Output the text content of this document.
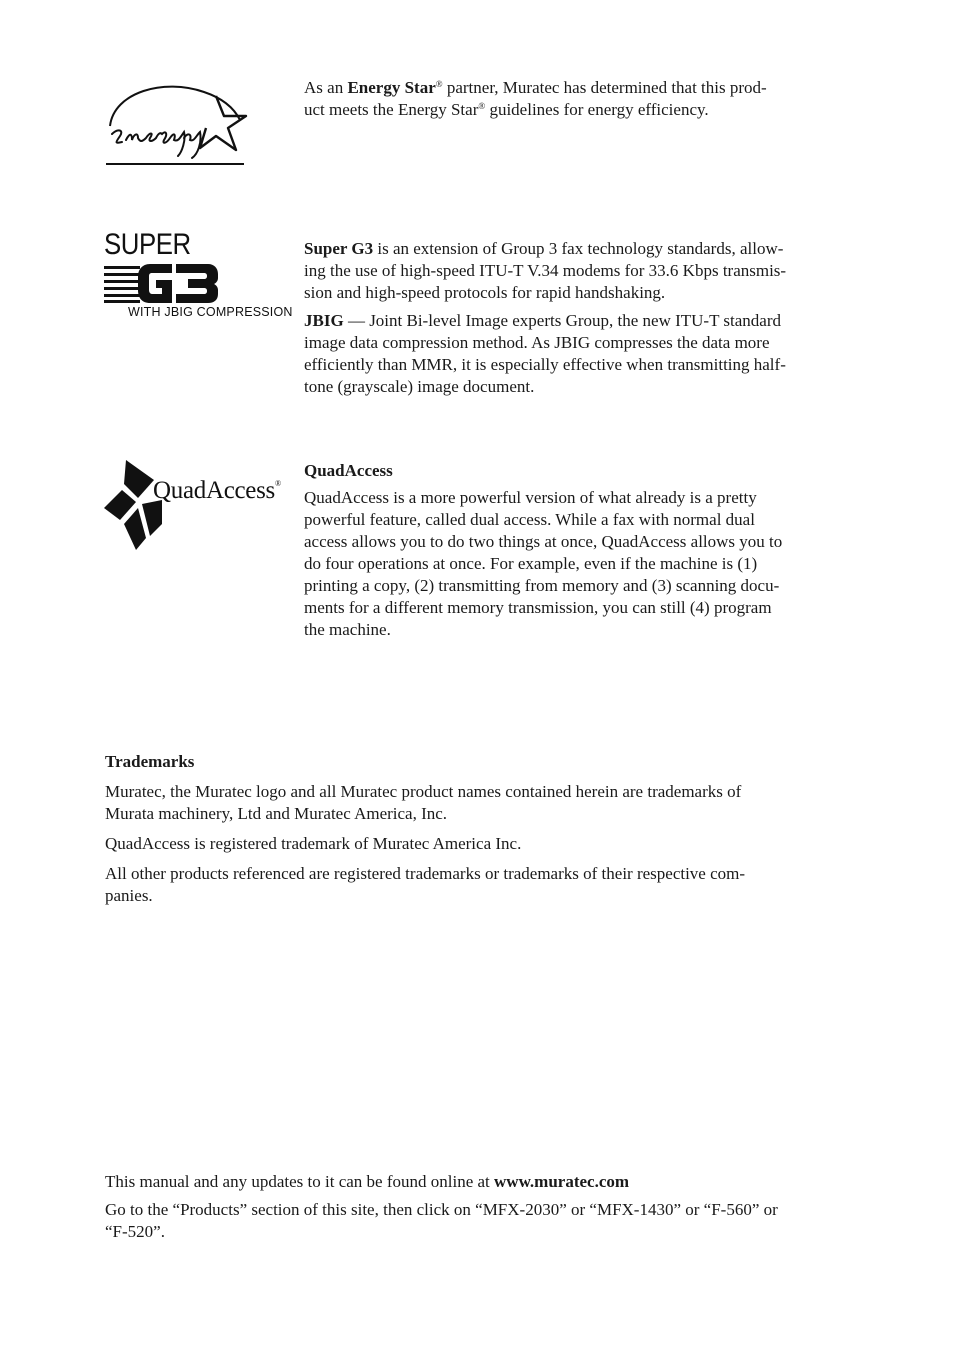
As an Energy Star® partner, Muratec has determined that this prod-
uct meets the Energy Star® guidelines for energy efficiency.

SUPER
WITH JBIG COMPRESSION

Super G3 is an extension of Group 3 fax technology standards, allow-
ing the use of high-speed ITU-T V.34 modems for 33.6 Kbps transmis-
sion and high-speed protocols for rapid handshaking.

JBIG — Joint Bi-level Image experts Group, the new ITU-T standard
image data compression method. As JBIG compresses the data more
efficiently than MMR, it is especially effective when transmitting half-
tone (grayscale) image document.

QuadAccess®

QuadAccess

QuadAccess is a more powerful version of what already is a pretty
powerful feature, called dual access. While a fax with normal dual
access allows you to do two things at once, QuadAccess allows you to
do four operations at once. For example, even if the machine is (1)
printing a copy, (2) transmitting from memory and (3) scanning docu-
ments for a different memory transmission, you can still (4) program
the machine.

Trademarks

Muratec, the Muratec logo and all Muratec product names contained herein are trademarks of
Murata machinery, Ltd and Muratec America, Inc.

QuadAccess is registered trademark of Muratec America Inc.

All other products referenced are registered trademarks or trademarks of their respective com-
panies.

This manual and any updates to it can be found online at www.muratec.com

Go to the “Products” section of this site, then click on “MFX-2030” or “MFX-1430” or “F-560” or
“F-520”.
